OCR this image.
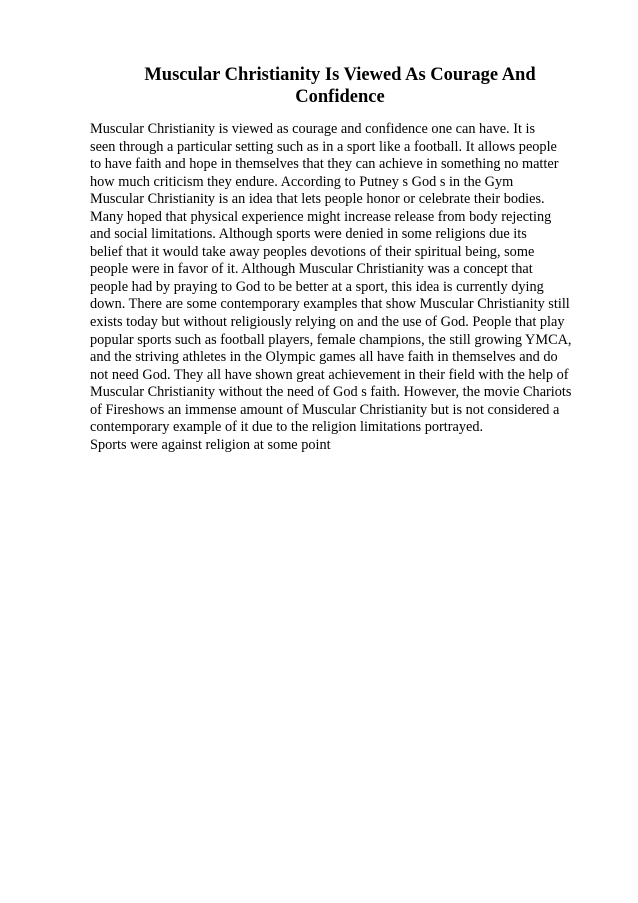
Muscular Christianity Is Viewed As Courage And
Confidence
Muscular Christianity is viewed as courage and confidence one can have. It is
seen through a particular setting such as in a sport like a football. It allows people
to have faith and hope in themselves that they can achieve in something no matter
how much criticism they endure. According to Putney s God s in the Gym
Muscular Christianity is an idea that lets people honor or celebrate their bodies.
Many hoped that physical experience might increase release from body rejecting
and social limitations. Although sports were denied in some religions due its
belief that it would take away peoples devotions of their spiritual being, some
people were in favor of it. Although Muscular Christianity was a concept that
people had by praying to God to be better at a sport, this idea is currently dying
down. There are some contemporary examples that show Muscular Christianity still
exists today but without religiously relying on and the use of God. People that play
popular sports such as football players, female champions, the still growing YMCA,
and the striving athletes in the Olympic games all have faith in themselves and do
not need God. They all have shown great achievement in their field with the help of
Muscular Christianity without the need of God s faith. However, the movie Chariots
of Fireshows an immense amount of Muscular Christianity but is not considered a
contemporary example of it due to the religion limitations portrayed.
Sports were against religion at some point
